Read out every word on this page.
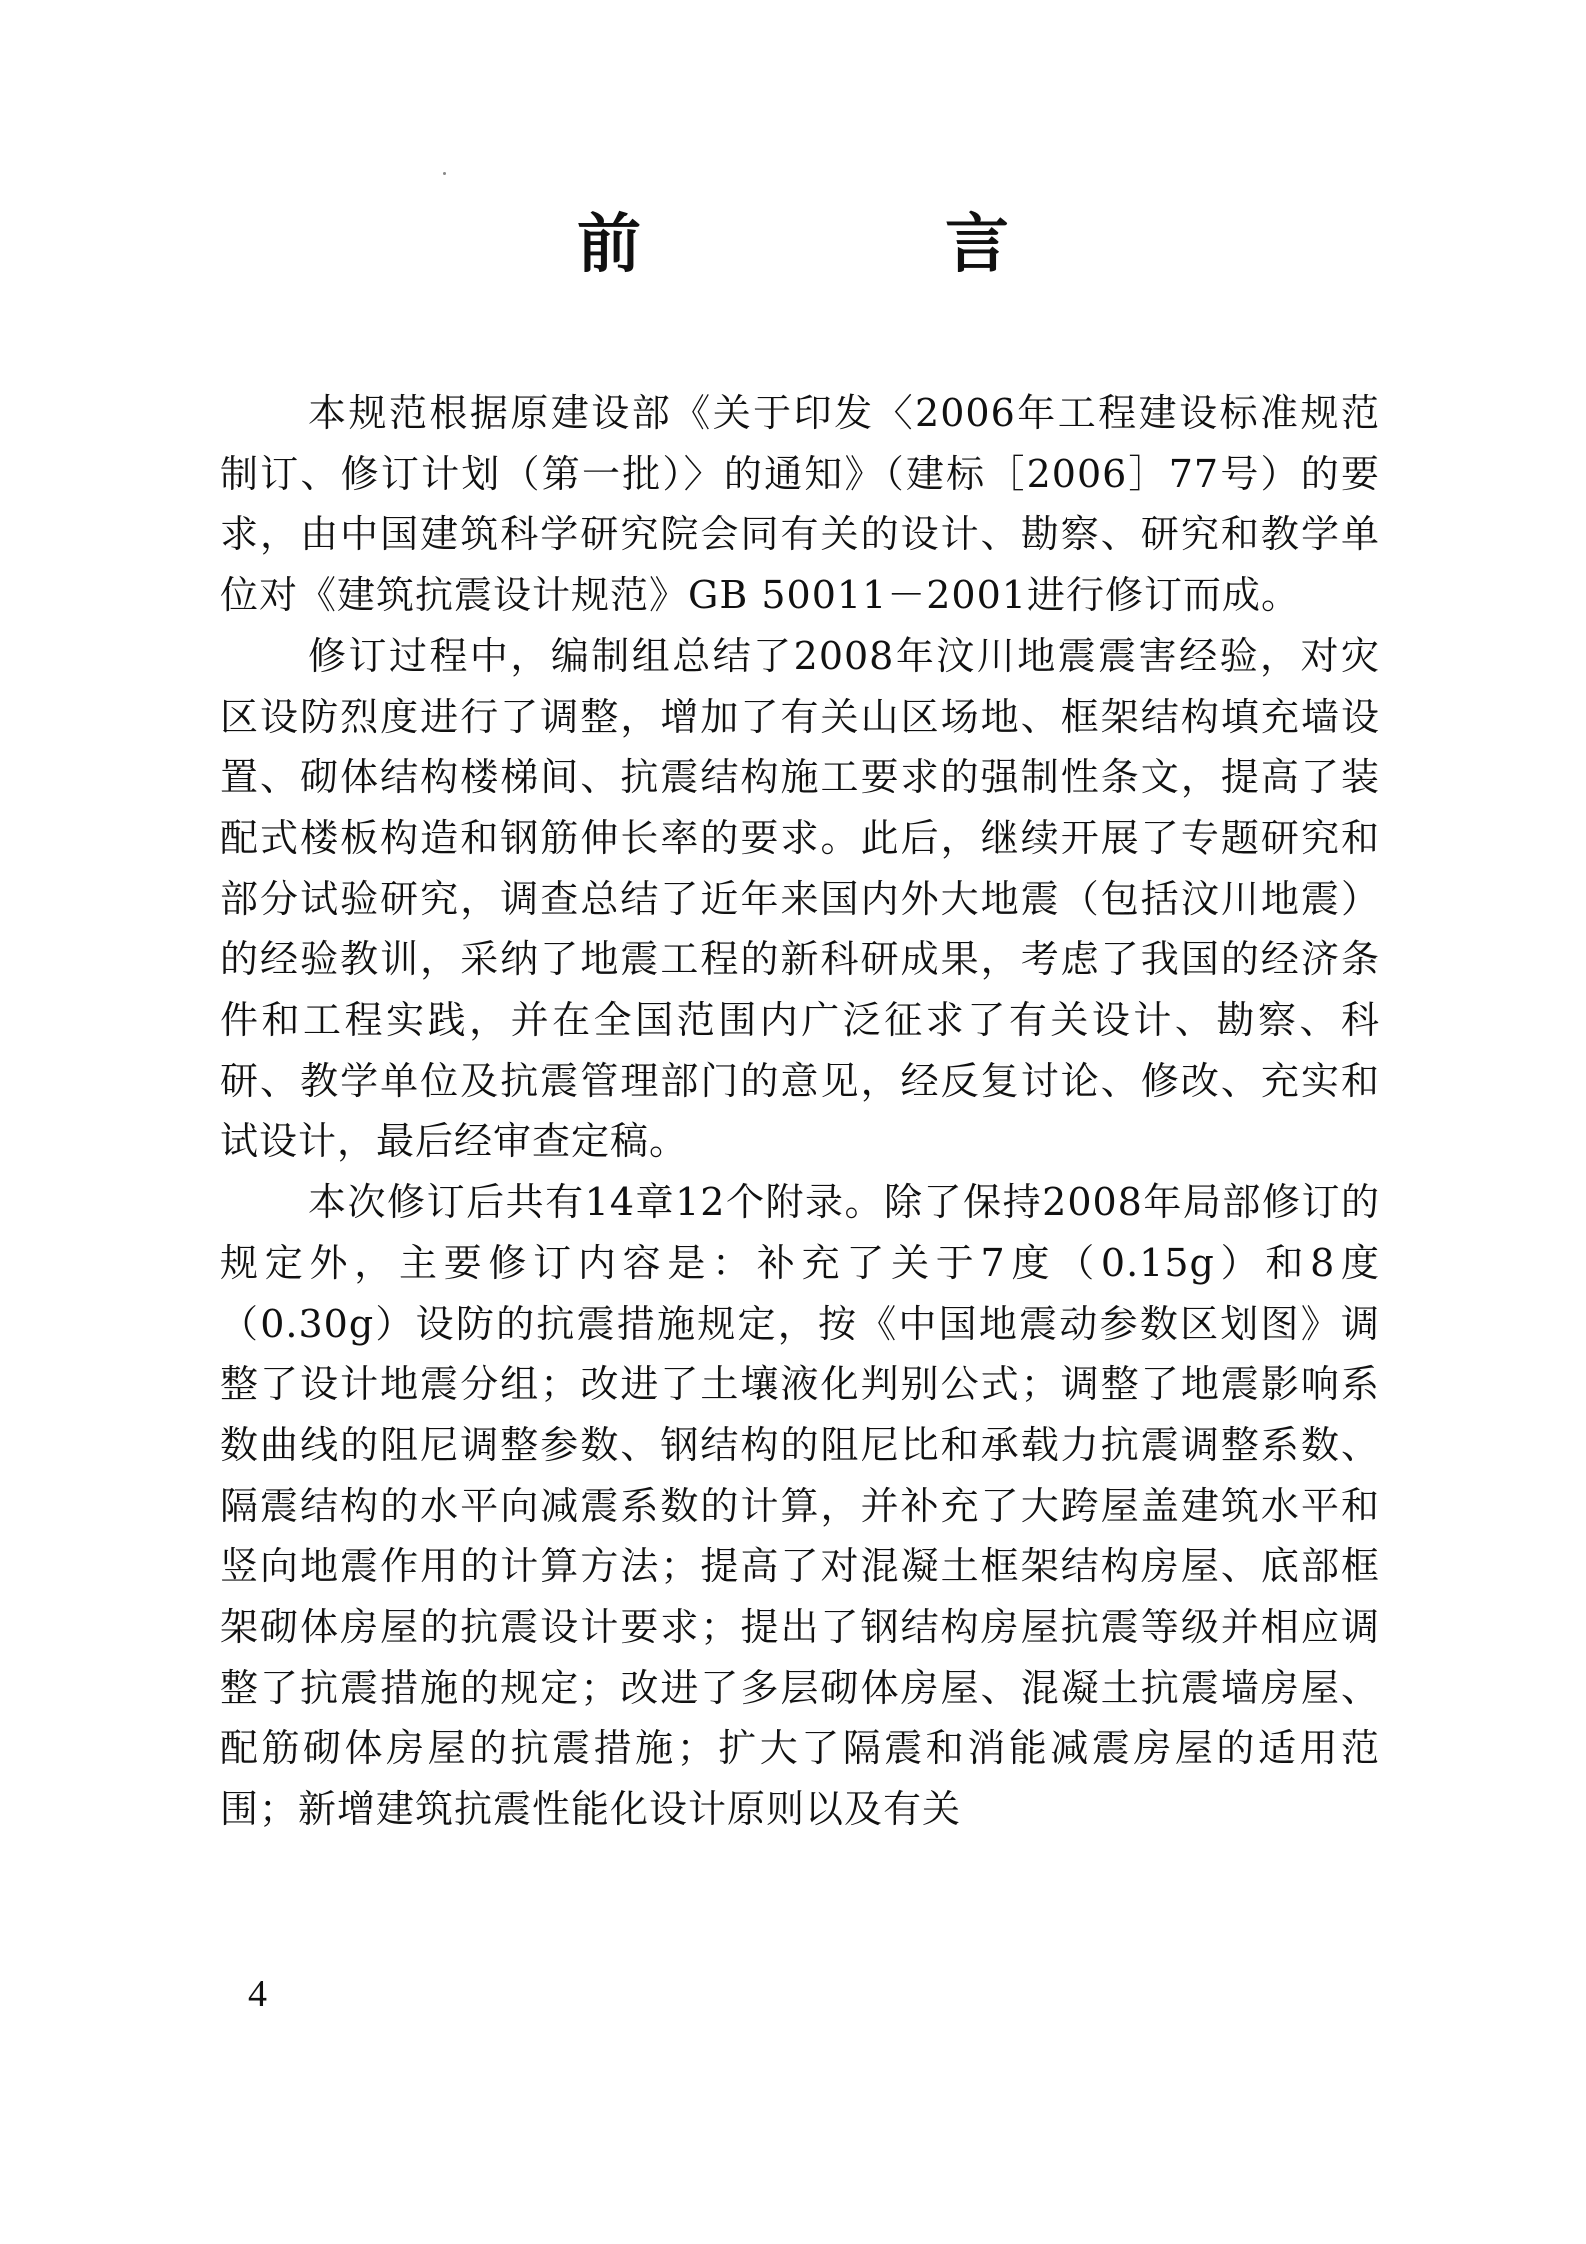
前　言

本规范根据原建设部《关于印发〈2006年工程建设标准规范制订、修订计划（第一批）〉的通知》（建标［2006］77号）的要求，由中国建筑科学研究院会同有关的设计、勘察、研究和教学单位对《建筑抗震设计规范》GB 50011－2001进行修订而成。

修订过程中，编制组总结了2008年汶川地震震害经验，对灾区设防烈度进行了调整，增加了有关山区场地、框架结构填充墙设置、砌体结构楼梯间、抗震结构施工要求的强制性条文，提高了装配式楼板构造和钢筋伸长率的要求。此后，继续开展了专题研究和部分试验研究，调查总结了近年来国内外大地震（包括汶川地震）的经验教训，采纳了地震工程的新科研成果，考虑了我国的经济条件和工程实践，并在全国范围内广泛征求了有关设计、勘察、科研、教学单位及抗震管理部门的意见，经反复讨论、修改、充实和试设计，最后经审查定稿。

本次修订后共有14章12个附录。除了保持2008年局部修订的规定外，主要修订内容是：补充了关于7度（0.15g）和8度（0.30g）设防的抗震措施规定，按《中国地震动参数区划图》调整了设计地震分组；改进了土壤液化判别公式；调整了地震影响系数曲线的阻尼调整参数、钢结构的阻尼比和承载力抗震调整系数、隔震结构的水平向减震系数的计算，并补充了大跨屋盖建筑水平和竖向地震作用的计算方法；提高了对混凝土框架结构房屋、底部框架砌体房屋的抗震设计要求；提出了钢结构房屋抗震等级并相应调整了抗震措施的规定；改进了多层砌体房屋、混凝土抗震墙房屋、配筋砌体房屋的抗震措施；扩大了隔震和消能减震房屋的适用范围；新增建筑抗震性能化设计原则以及有关

4
